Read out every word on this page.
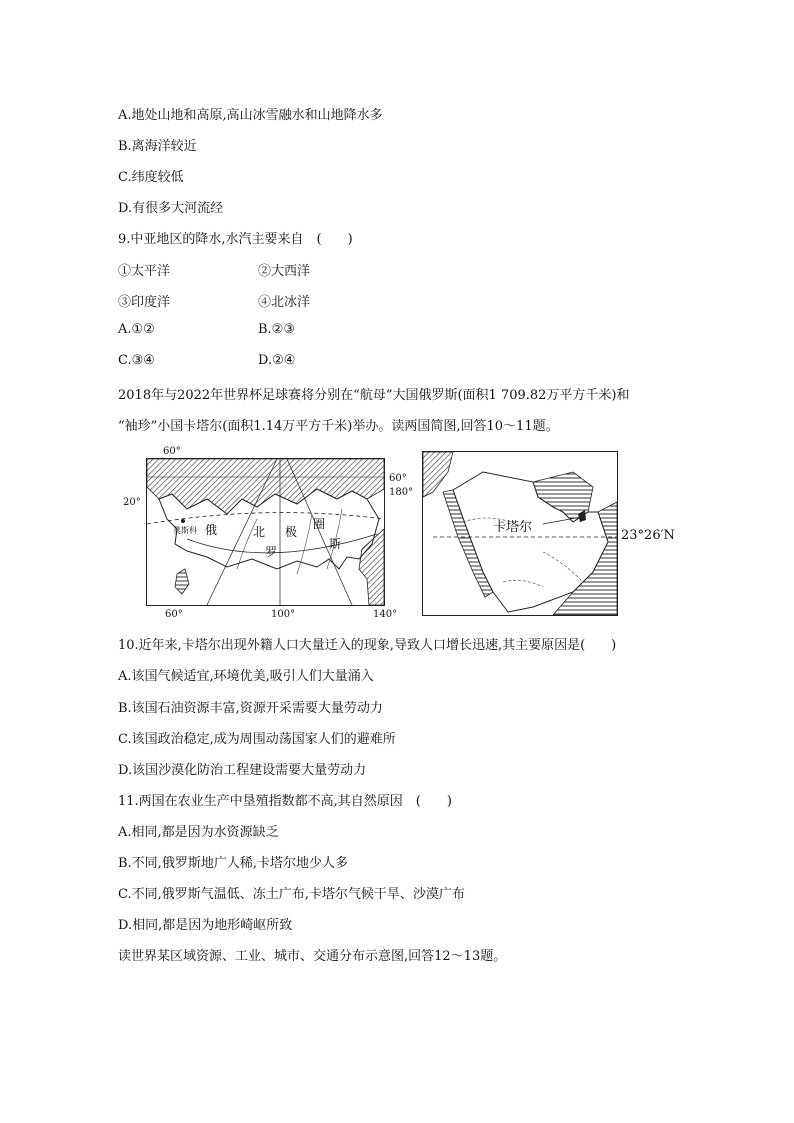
A.地处山地和高原,高山冰雪融水和山地降水多
B.离海洋较近
C.纬度较低
D.有很多大河流经
9.中亚地区的降水,水汽主要来自　(　　)
①太平洋	②大西洋
③印度洋	④北冰洋
A.①②	B.②③
C.③④	D.②④
2018年与2022年世界杯足球赛将分别在“航母”大国俄罗斯(面积1 709.82万平方千米)和
“袖珍”小国卡塔尔(面积1.14万平方千米)举办。读两国简图,回答10～11题。
60°
20°
60°
180°
60°	100°	140°
莫斯科 俄	北 极
圈
罗
斯
卡塔尔
23°26′N
10.近年来,卡塔尔出现外籍人口大量迁入的现象,导致人口增长迅速,其主要原因是(　　)
A.该国气候适宜,环境优美,吸引人们大量涌入
B.该国石油资源丰富,资源开采需要大量劳动力
C.该国政治稳定,成为周围动荡国家人们的避难所
D.该国沙漠化防治工程建设需要大量劳动力
11.两国在农业生产中垦殖指数都不高,其自然原因　(　　)
A.相同,都是因为水资源缺乏
B.不同,俄罗斯地广人稀,卡塔尔地少人多
C.不同,俄罗斯气温低、冻土广布,卡塔尔气候干旱、沙漠广布
D.相同,都是因为地形崎岖所致
读世界某区域资源、工业、城市、交通分布示意图,回答12～13题。
